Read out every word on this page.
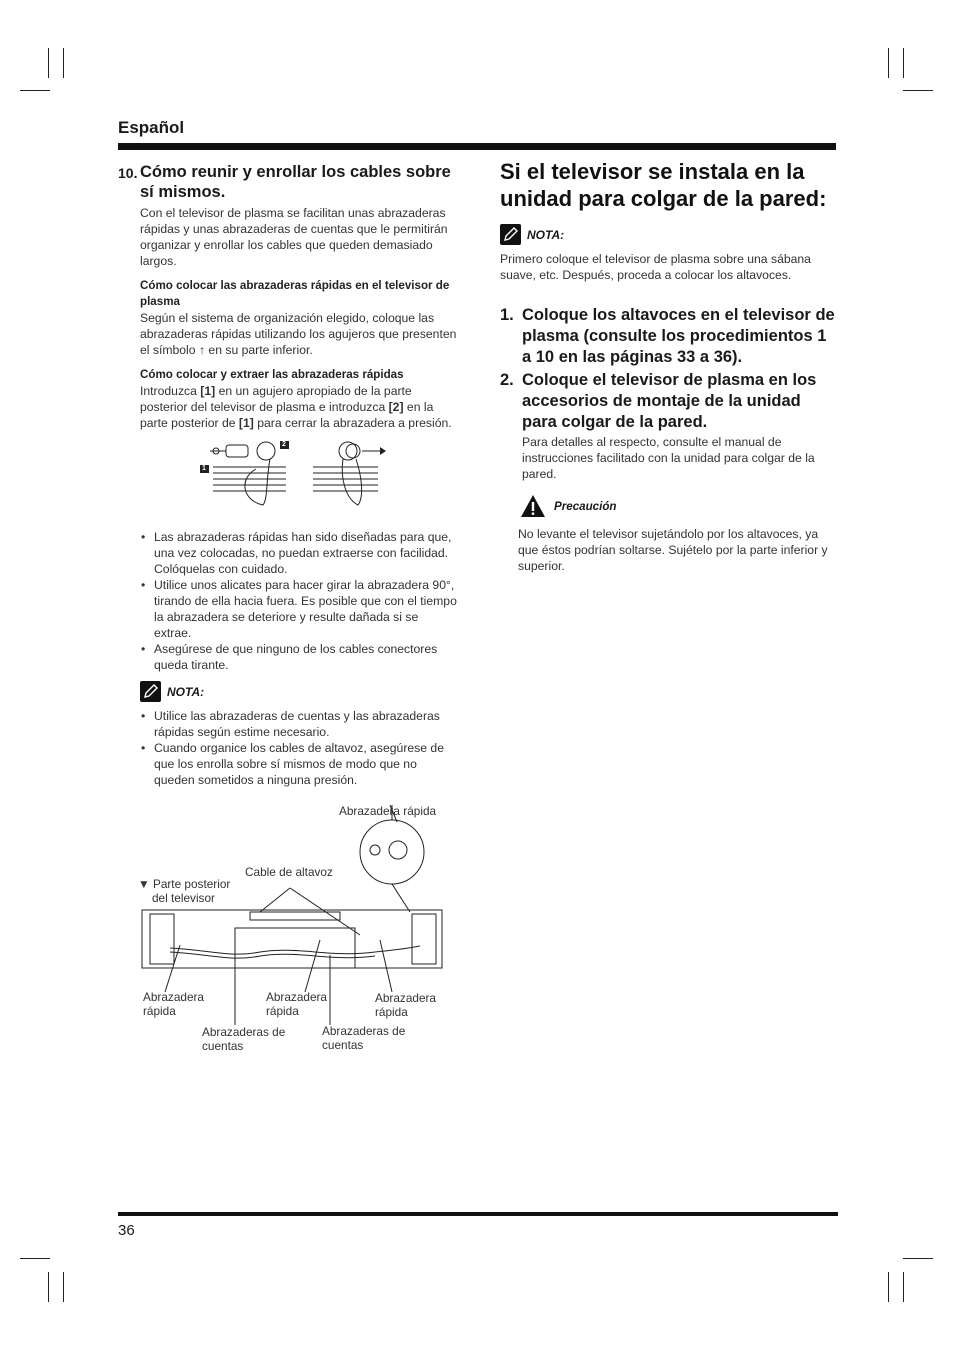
Español
10. Cómo reunir y enrollar los cables sobre sí mismos.
Con el televisor de plasma se facilitan unas abrazaderas rápidas y unas abrazaderas de cuentas que le permitirán organizar y enrollar los cables que queden demasiado largos.
Cómo colocar las abrazaderas rápidas en el televisor de plasma
Según el sistema de organización elegido, coloque las abrazaderas rápidas utilizando los agujeros que presenten el símbolo ↑ en su parte inferior.
Cómo colocar y extraer las abrazaderas rápidas
Introduzca [1] en un agujero apropiado de la parte posterior del televisor de plasma e introduzca [2] en la parte posterior de [1] para cerrar la abrazadera a presión.
1
2
• Las abrazaderas rápidas han sido diseñadas para que, una vez colocadas, no puedan extraerse con facilidad. Colóquelas con cuidado.
• Utilice unos alicates para hacer girar la abrazadera 90°, tirando de ella hacia fuera. Es posible que con el tiempo la abrazadera se deteriore y resulte dañada si se extrae.
• Asegúrese de que ninguno de los cables conectores queda tirante.
NOTA:
• Utilice las abrazaderas de cuentas y las abrazaderas rápidas según estime necesario.
• Cuando organice los cables de altavoz, asegúrese de que los enrolla sobre sí mismos de modo que no queden sometidos a ninguna presión.
Abrazadera rápida
Cable de altavoz
▼ Parte posterior
del televisor
Abrazadera
rápida
Abrazadera
rápida
Abrazadera
rápida
Abrazaderas de
cuentas
Abrazaderas de
cuentas
Si el televisor se instala en la unidad para colgar de la pared:
NOTA:
Primero coloque el televisor de plasma sobre una sábana suave, etc. Después, proceda a colocar los altavoces.
1. Coloque los altavoces en el televisor de plasma (consulte los procedimientos 1 a 10 en las páginas 33 a 36).
2. Coloque el televisor de plasma en los accesorios de montaje de la unidad para colgar de la pared.
Para detalles al respecto, consulte el manual de instrucciones facilitado con la unidad para colgar de la pared.
Precaución
No levante el televisor sujetándolo por los altavoces, ya que éstos podrían soltarse. Sujételo por la parte inferior y superior.
36
